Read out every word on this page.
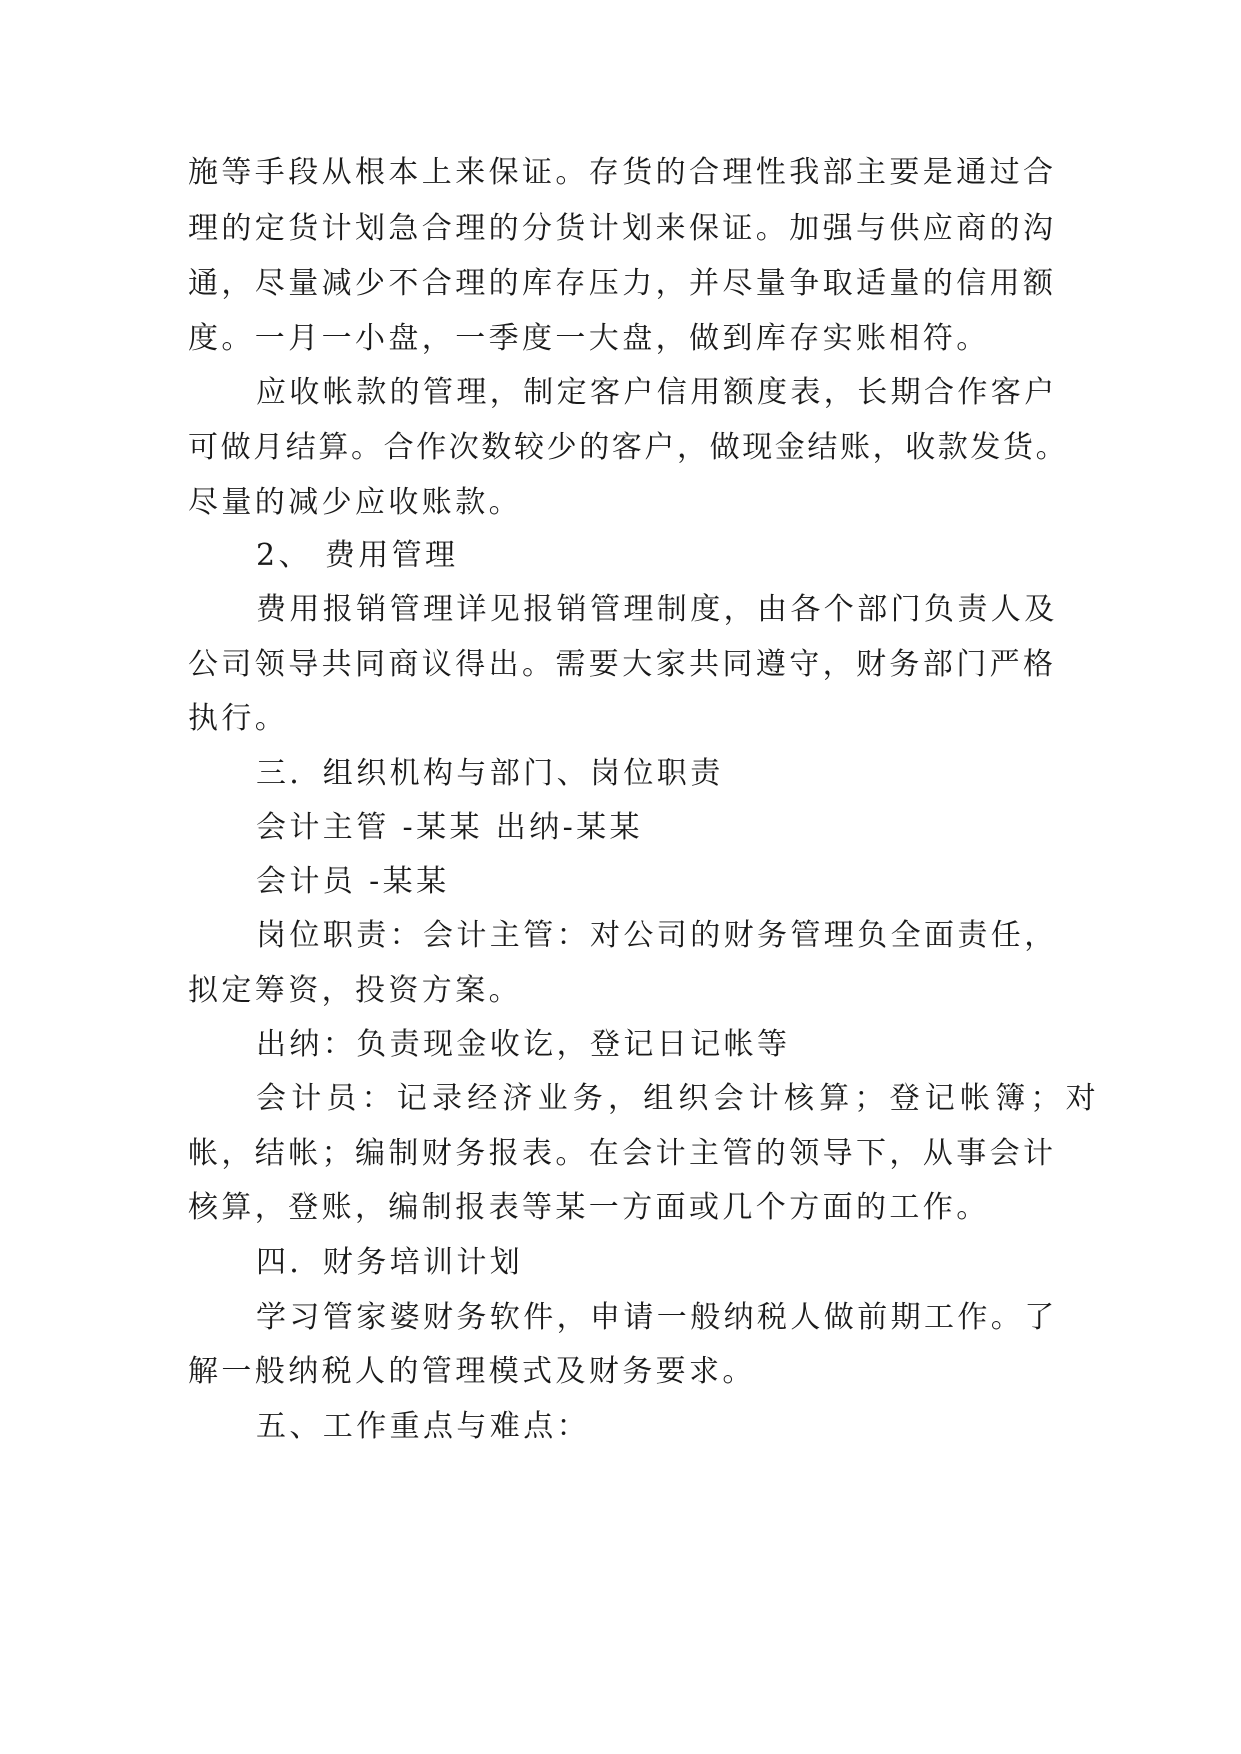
施等手段从根本上来保证。存货的合理性我部主要是通过合
理的定货计划急合理的分货计划来保证。加强与供应商的沟
通，尽量减少不合理的库存压力，并尽量争取适量的信用额
度。一月一小盘，一季度一大盘，做到库存实账相符。
应收帐款的管理，制定客户信用额度表，长期合作客户
可做月结算。合作次数较少的客户，做现金结账，收款发货。
尽量的减少应收账款。
2、 费用管理
费用报销管理详见报销管理制度，由各个部门负责人及
公司领导共同商议得出。需要大家共同遵守，财务部门严格
执行。
三．组织机构与部门、岗位职责
会计主管 -某某 出纳-某某
会计员 -某某
岗位职责：会计主管：对公司的财务管理负全面责任，
拟定筹资，投资方案。
出纳：负责现金收讫，登记日记帐等
会计员：记录经济业务，组织会计核算；登记帐簿；对
帐，结帐；编制财务报表。在会计主管的领导下，从事会计
核算，登账，编制报表等某一方面或几个方面的工作。
四．财务培训计划
学习管家婆财务软件，申请一般纳税人做前期工作。了
解一般纳税人的管理模式及财务要求。
五、工作重点与难点：
